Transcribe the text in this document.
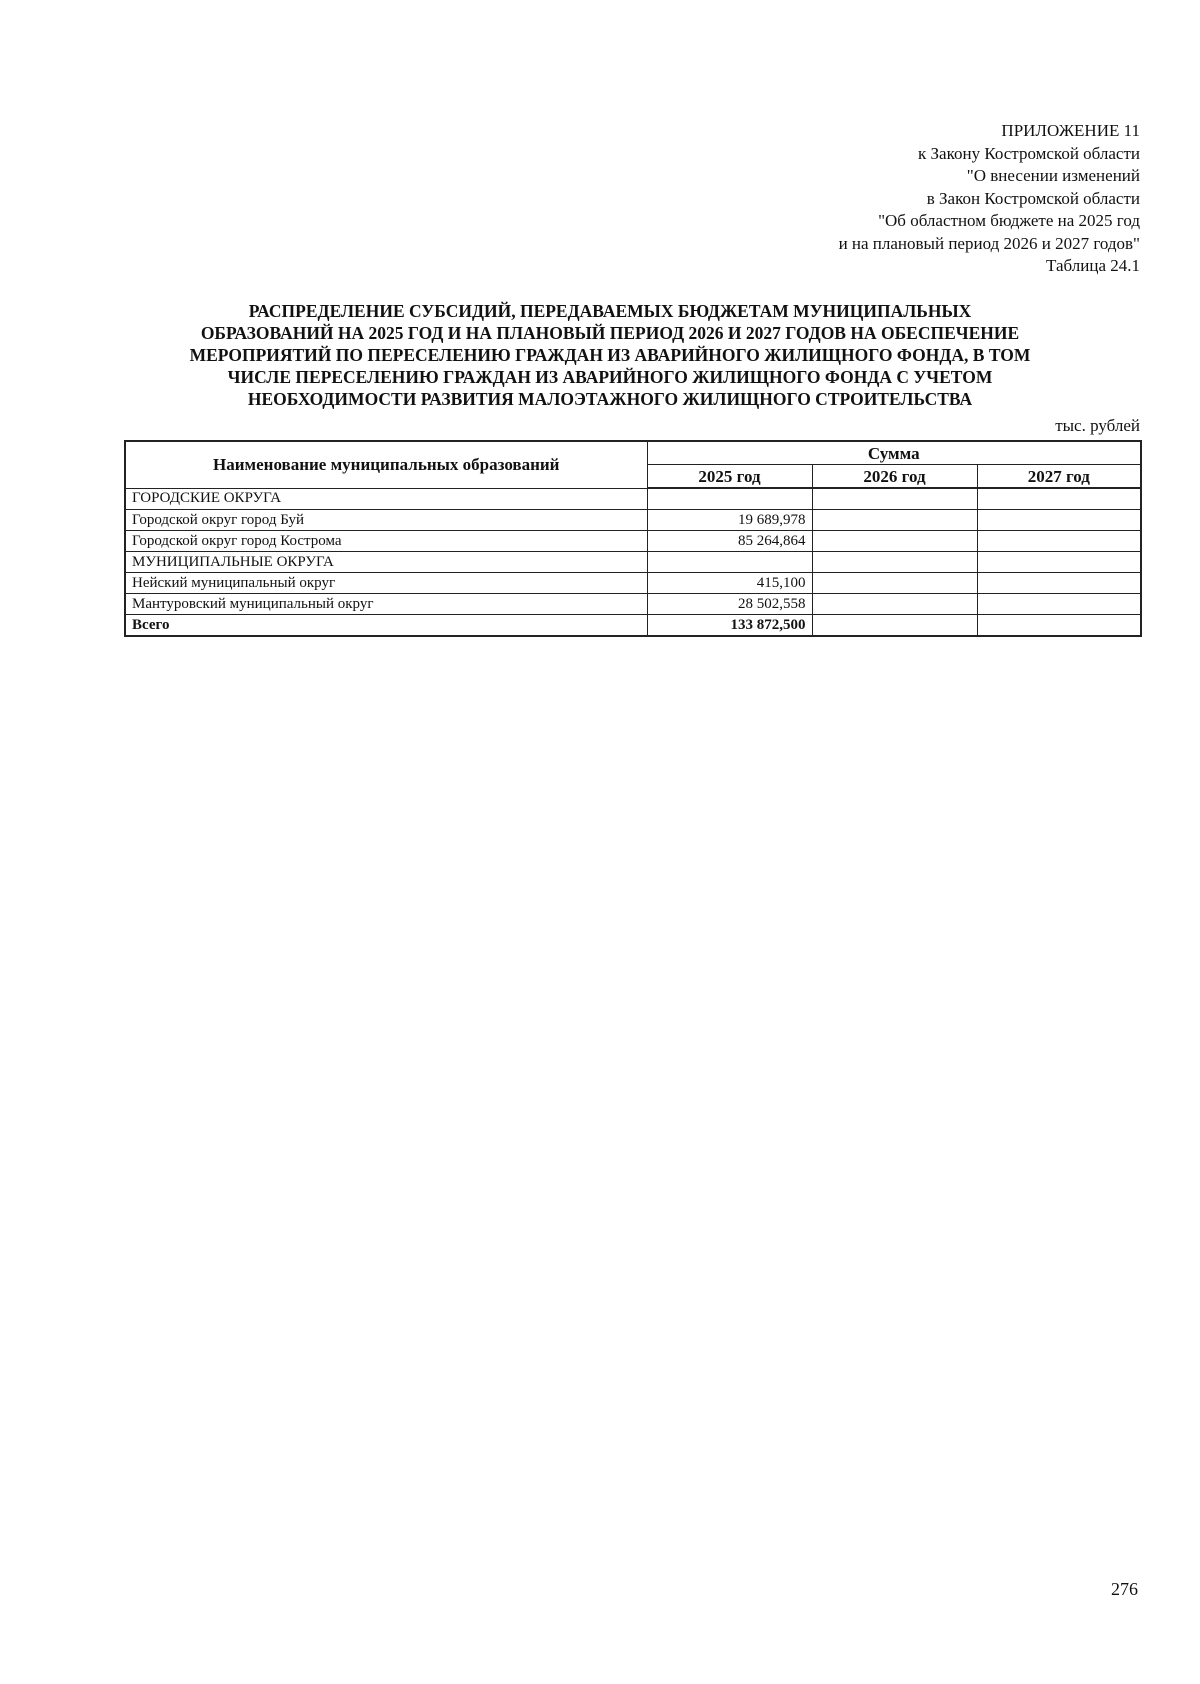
ПРИЛОЖЕНИЕ 11
к Закону Костромской области
"О внесении изменений
в Закон Костромской области
"Об областном бюджете на 2025 год
и на плановый период 2026 и 2027 годов"
Таблица 24.1
РАСПРЕДЕЛЕНИЕ СУБСИДИЙ, ПЕРЕДАВАЕМЫХ БЮДЖЕТАМ МУНИЦИПАЛЬНЫХ
ОБРАЗОВАНИЙ НА 2025 ГОД И НА ПЛАНОВЫЙ ПЕРИОД 2026 И 2027 ГОДОВ НА ОБЕСПЕЧЕНИЕ
МЕРОПРИЯТИЙ ПО ПЕРЕСЕЛЕНИЮ ГРАЖДАН ИЗ АВАРИЙНОГО ЖИЛИЩНОГО ФОНДА, В ТОМ
ЧИСЛЕ ПЕРЕСЕЛЕНИЮ ГРАЖДАН ИЗ АВАРИЙНОГО ЖИЛИЩНОГО ФОНДА С УЧЕТОМ
НЕОБХОДИМОСТИ РАЗВИТИЯ МАЛОЭТАЖНОГО ЖИЛИЩНОГО СТРОИТЕЛЬСТВА
тыс. рублей
Наименование муниципальных образований	Сумма		
	2025 год	2026 год	2027 год
ГОРОДСКИЕ ОКРУГА			
Городской округ город Буй	19 689,978		
Городской округ город Кострома	85 264,864		
МУНИЦИПАЛЬНЫЕ ОКРУГА			
Нейский муниципальный округ	415,100		
Мантуровский муниципальный округ	28 502,558		
Всего	133 872,500		
276
